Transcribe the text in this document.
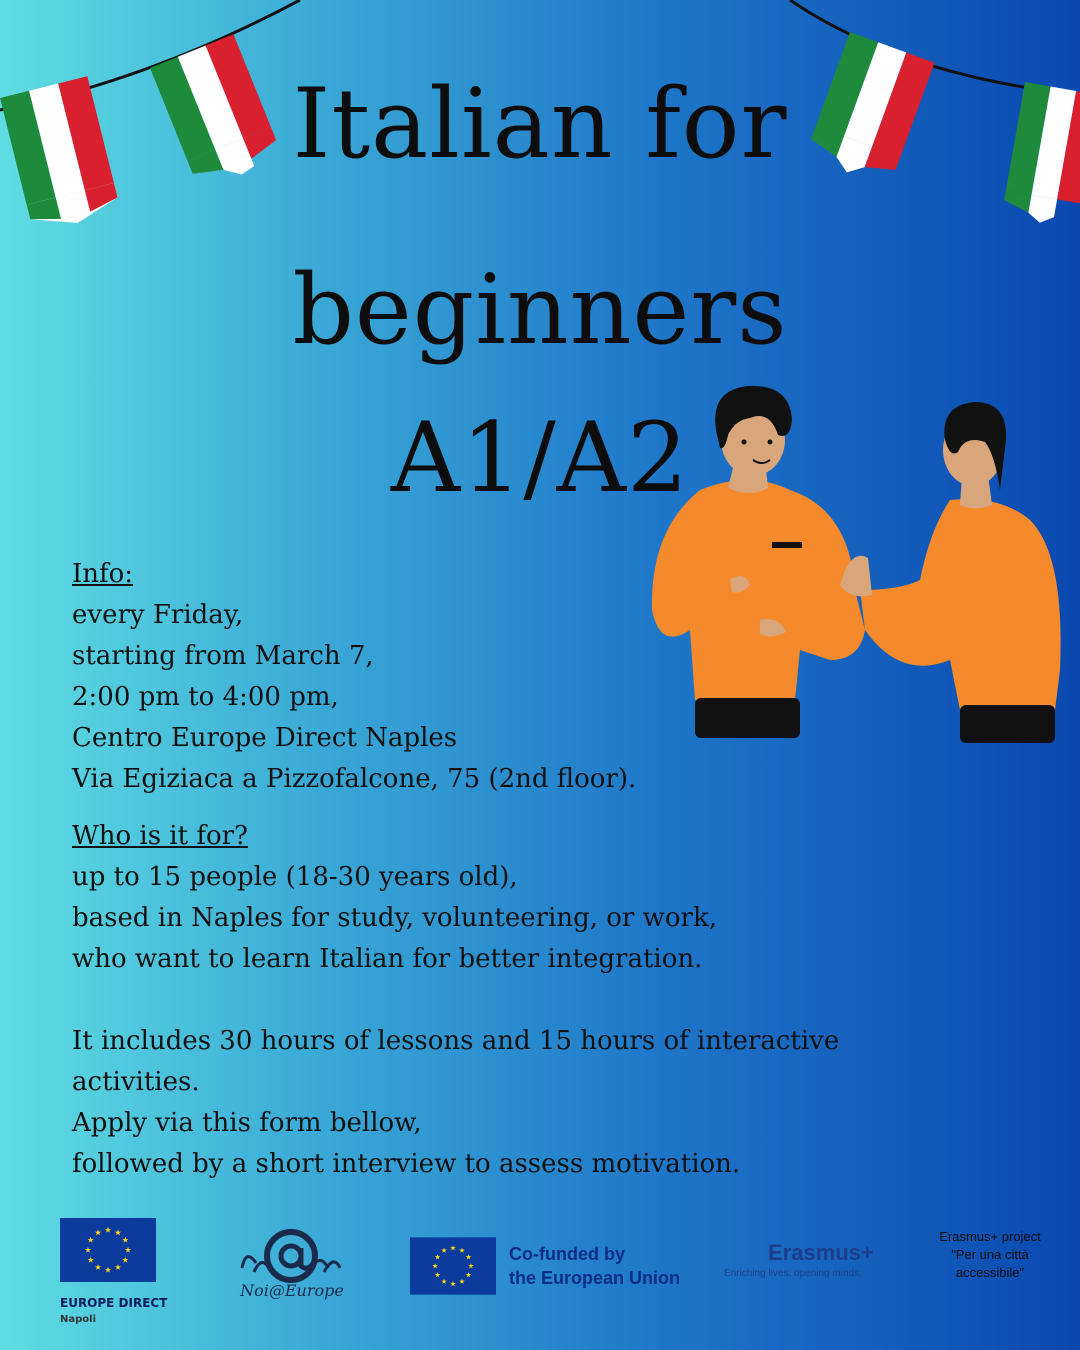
Italian for
beginners
A1/A2
Info:
every Friday,
starting from March 7,
2:00 pm to 4:00 pm,
Centro Europe Direct Naples
Via Egiziaca a Pizzofalcone, 75 (2nd floor).
Who is it for?
up to 15 people (18-30 years old),
based in Naples for study, volunteering, or work,
who want to learn Italian for better integration.
It includes 30 hours of lessons and 15 hours of interactive activities.
Apply via this form bellow,
followed by a short interview to assess motivation.
EUROPE DIRECT
Napoli
Noi@Europe
Co-funded by
the European Union
Erasmus+
Enriching lives, opening minds.
Erasmus+ project
"Per una città
accessibile"
